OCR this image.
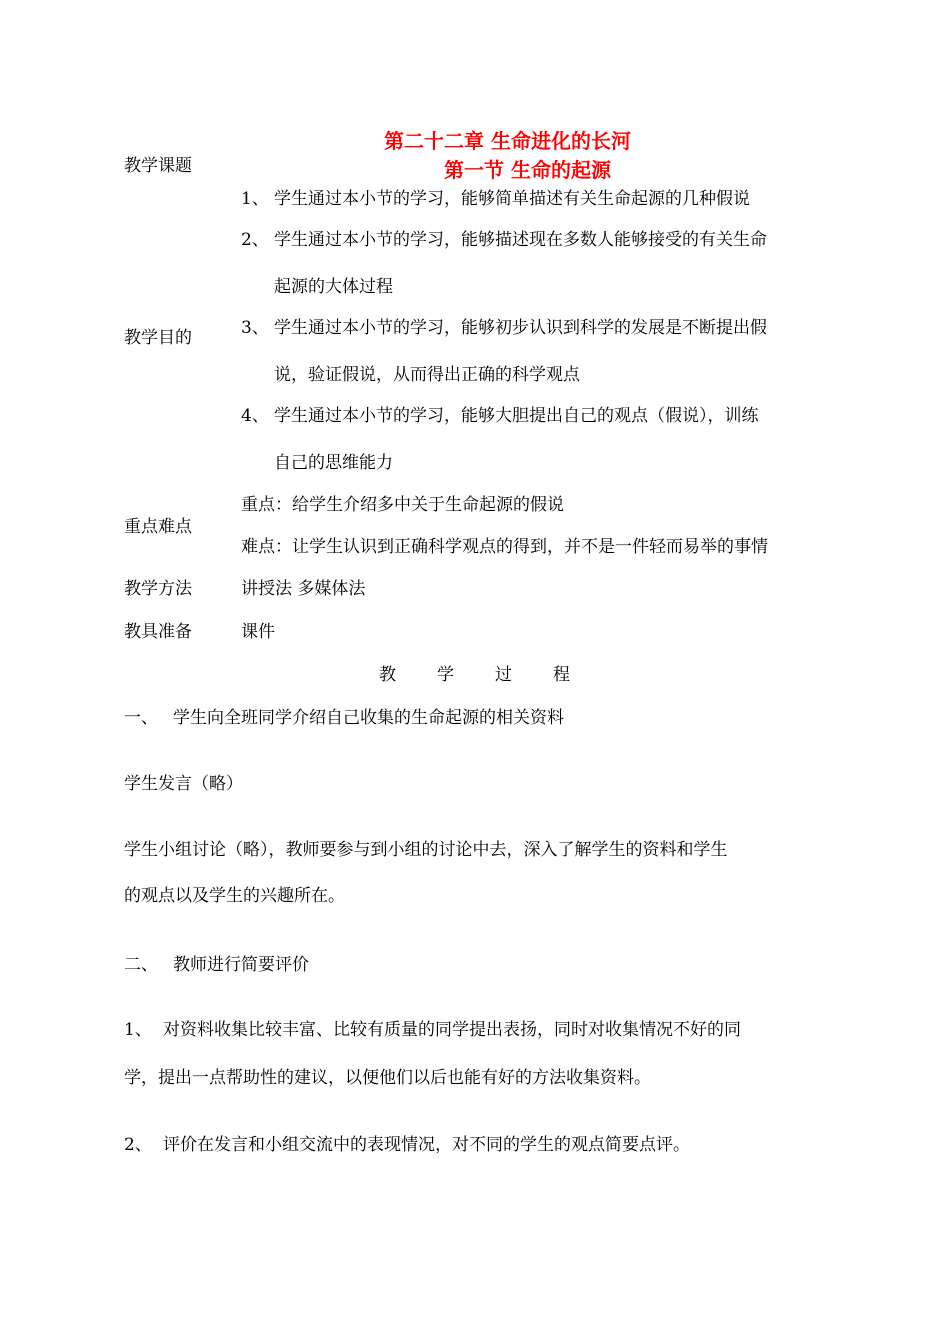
第二十二章 生命进化的长河
第一节 生命的起源
教学课题
教学目的
重点难点
教学方法
教具准备
1、 学生通过本小节的学习，能够简单描述有关生命起源的几种假说
2、 学生通过本小节的学习，能够描述现在多数人能够接受的有关生命
起源的大体过程
3、 学生通过本小节的学习，能够初步认识到科学的发展是不断提出假
说，验证假说，从而得出正确的科学观点
4、 学生通过本小节的学习，能够大胆提出自己的观点（假说），训练
自己的思维能力
重点：给学生介绍多中关于生命起源的假说
难点：让学生认识到正确科学观点的得到，并不是一件轻而易举的事情
讲授法 多媒体法
课件
教 学 过 程
一、 学生向全班同学介绍自己收集的生命起源的相关资料
学生发言（略）
学生小组讨论（略），教师要参与到小组的讨论中去，深入了解学生的资料和学生
的观点以及学生的兴趣所在。
二、 教师进行简要评价
1、 对资料收集比较丰富、比较有质量的同学提出表扬，同时对收集情况不好的同
学，提出一点帮助性的建议，以便他们以后也能有好的方法收集资料。
2、 评价在发言和小组交流中的表现情况，对不同的学生的观点简要点评。
